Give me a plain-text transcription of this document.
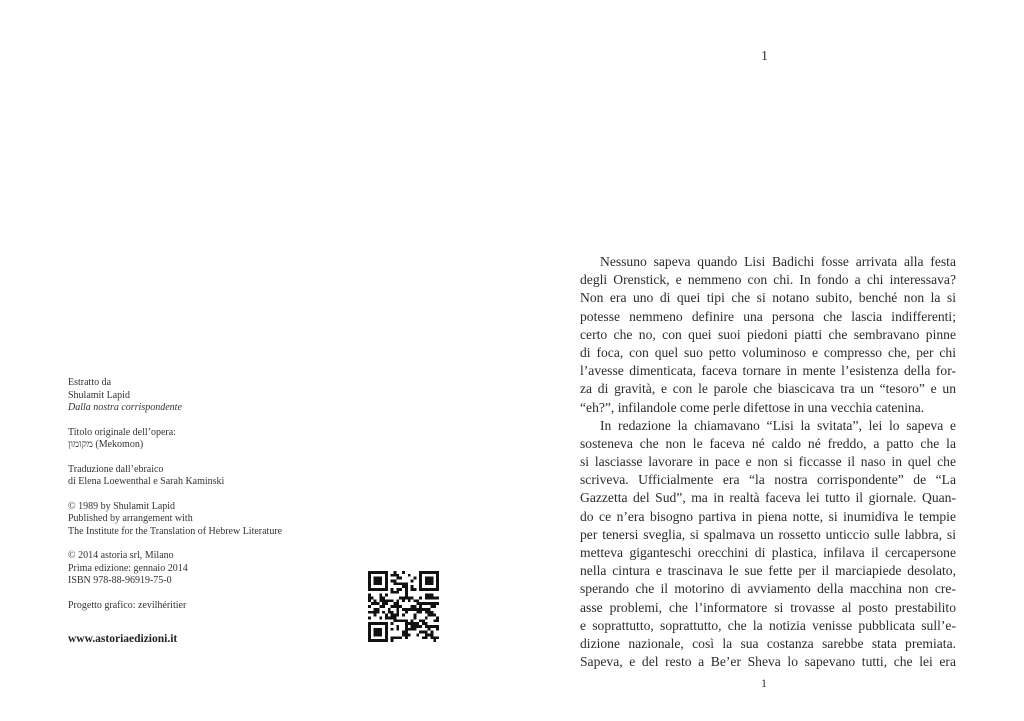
Estratto da
Shulamit Lapid
Dalla nostra corrispondente
Titolo originale dell’opera:
מקומון (Mekomon)
Traduzione dall’ebraico
di Elena Loewenthal e Sarah Kaminski
© 1989 by Shulamit Lapid
Published by arrangement with
The Institute for the Translation of Hebrew Literature
© 2014 astoria srl, Milano
Prima edizione: gennaio 2014
ISBN 978-88-96919-75-0
Progetto grafico: zevilhéritier
www.astoriaedizioni.it
1
Nessuno sapeva quando Lisi Badichi fosse arrivata alla festa
degli Orenstick, e nemmeno con chi. In fondo a chi interessava?
Non era uno di quei tipi che si notano subito, benché non la si
potesse nemmeno definire una persona che lascia indifferenti;
certo che no, con quei suoi piedoni piatti che sembravano pinne
di foca, con quel suo petto voluminoso e compresso che, per chi
l’avesse dimenticata, faceva tornare in mente l’esistenza della for-
za di gravità, e con le parole che biascicava tra un “tesoro” e un
“eh?”, infilandole come perle difettose in una vecchia catenina.
In redazione la chiamavano “Lisi la svitata”, lei lo sapeva e
sosteneva che non le faceva né caldo né freddo, a patto che la
si lasciasse lavorare in pace e non si ficcasse il naso in quel che
scriveva. Ufficialmente era “la nostra corrispondente” de “La
Gazzetta del Sud”, ma in realtà faceva lei tutto il giornale. Quan-
do ce n’era bisogno partiva in piena notte, si inumidiva le tempie
per tenersi sveglia, si spalmava un rossetto unticcio sulle labbra, si
metteva giganteschi orecchini di plastica, infilava il cercapersone
nella cintura e trascinava le sue fette per il marciapiede desolato,
sperando che il motorino di avviamento della macchina non cre-
asse problemi, che l’informatore si trovasse al posto prestabilito
e soprattutto, soprattutto, che la notizia venisse pubblicata sull’e-
dizione nazionale, così la sua costanza sarebbe stata premiata.
Sapeva, e del resto a Be’er Sheva lo sapevano tutti, che lei era
1
